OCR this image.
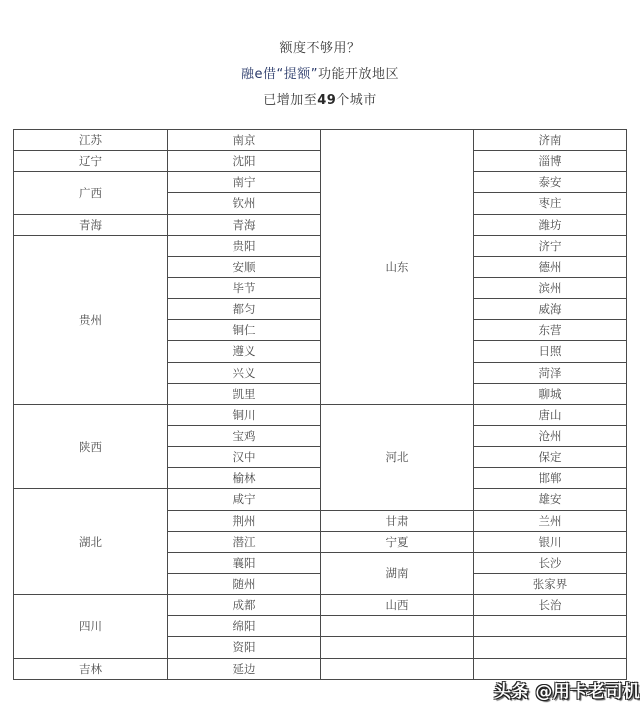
额度不够用？
融e借“提额”功能开放地区
已增加至49个城市
江苏	南京	山东	济南
辽宁	沈阳		淄博
广西	南宁		泰安
	钦州		枣庄
青海	青海		潍坊
贵州	贵阳		济宁
	安顺		德州
	毕节		滨州
	都匀		威海
	铜仁		东营
	遵义		日照
	兴义		菏泽
	凯里		聊城
陕西	铜川	河北	唐山
	宝鸡		沧州
	汉中		保定
	榆林		邯郸
湖北	咸宁		雄安
	荆州	甘肃	兰州
	潜江	宁夏	银川
	襄阳	湖南	长沙
	随州		张家界
四川	成都	山西	长治
	绵阳		
	资阳		
吉林	延边		
头条 @用卡老司机
